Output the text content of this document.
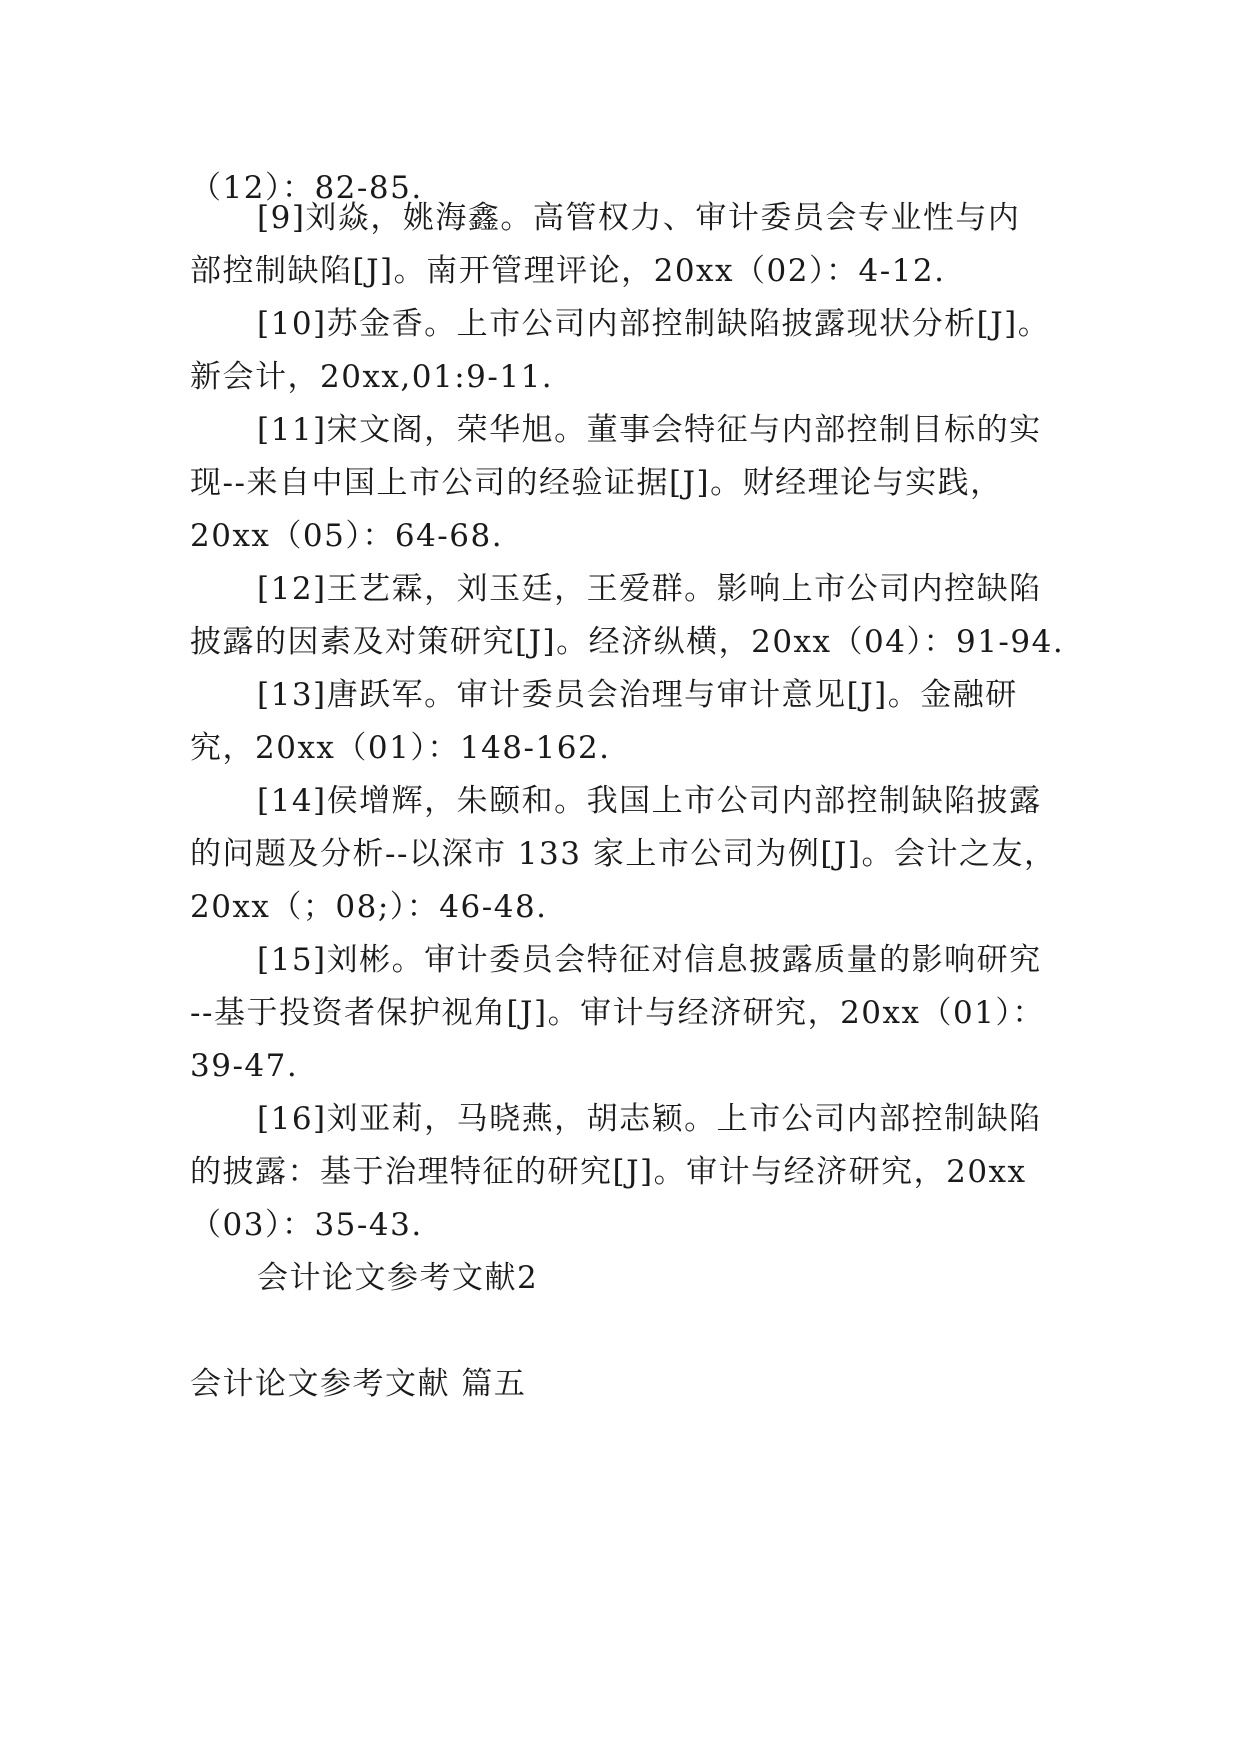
（12）：82-85.
[9]刘焱，姚海鑫。高管权力、审计委员会专业性与内
部控制缺陷[J]。南开管理评论，20xx（02）：4-12.
[10]苏金香。上市公司内部控制缺陷披露现状分析[J]。
新会计，20xx,01:9-11.
[11]宋文阁，荣华旭。董事会特征与内部控制目标的实
现--来自中国上市公司的经验证据[J]。财经理论与实践，
20xx（05）：64-68.
[12]王艺霖，刘玉廷，王爱群。影响上市公司内控缺陷
披露的因素及对策研究[J]。经济纵横，20xx（04）：91-94.
[13]唐跃军。审计委员会治理与审计意见[J]。金融研
究，20xx（01）：148-162.
[14]侯增辉，朱颐和。我国上市公司内部控制缺陷披露
的问题及分析--以深市 133 家上市公司为例[J]。会计之友，
20xx（；08;）：46-48.
[15]刘彬。审计委员会特征对信息披露质量的影响研究
--基于投资者保护视角[J]。审计与经济研究，20xx（01）：
39-47.
[16]刘亚莉，马晓燕，胡志颖。上市公司内部控制缺陷
的披露：基于治理特征的研究[J]。审计与经济研究，20xx
（03）：35-43.
会计论文参考文献2
会计论文参考文献 篇五
